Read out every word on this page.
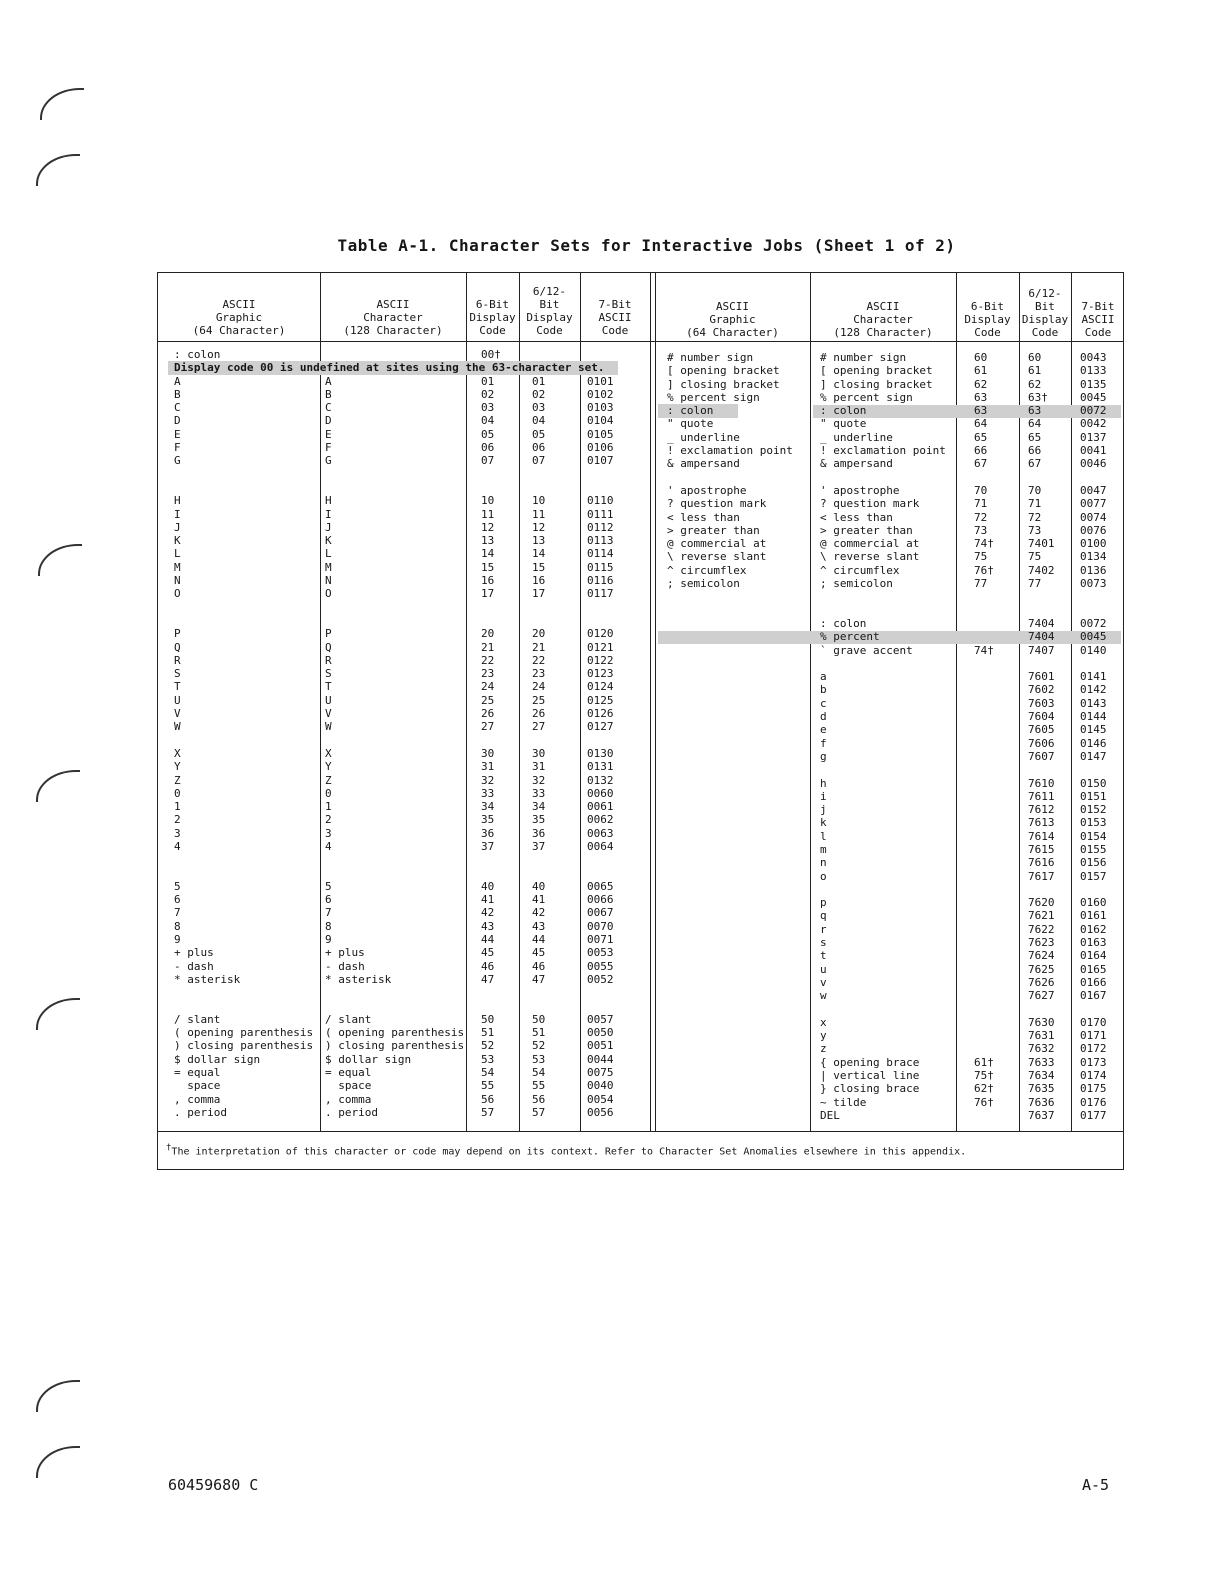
Table A-1. Character Sets for Interactive Jobs (Sheet 1 of 2)
ASCII
Graphic
(64 Character)
ASCII
Character
(128 Character)
6-Bit
Display
Code
6/12-
Bit
Display
Code
7-Bit
ASCII
Code
ASCII
Graphic
(64 Character)
ASCII
Character
(128 Character)
6-Bit
Display
Code
6/12-
Bit
Display
Code
7-Bit
ASCII
Code
: colon
Display code 00 is undefined at sites using the 63-character set.
A
B
C
D
E
F
G

H
I
J
K
L
M
N
O

P
Q
R
S
T
U
V
W

X
Y
Z
0
1
2
3
4

5
6
7
8
9
+ plus
- dash
* asterisk

/ slant
( opening parenthesis
) closing parenthesis
$ dollar sign
= equal
space
, comma
. period

A
B
C
D
E
F
G

H
I
J
K
L
M
N
O

P
Q
R
S
T
U
V
W

X
Y
Z
0
1
2
3
4

5
6
7
8
9
+ plus
- dash
* asterisk

/ slant
( opening parenthesis
) closing parenthesis
$ dollar sign
= equal
space
, comma
. period
00†

01
02
03
04
05
06
07

10
11
12
13
14
15
16
17

20
21
22
23
24
25
26
27

30
31
32
33
34
35
36
37

40
41
42
43
44
45
46
47

50
51
52
53
54
55
56
57

01
02
03
04
05
06
07

10
11
12
13
14
15
16
17

20
21
22
23
24
25
26
27

30
31
32
33
34
35
36
37

40
41
42
43
44
45
46
47

50
51
52
53
54
55
56
57

0101
0102
0103
0104
0105
0106
0107

0110
0111
0112
0113
0114
0115
0116
0117

0120
0121
0122
0123
0124
0125
0126
0127

0130
0131
0132
0060
0061
0062
0063
0064

0065
0066
0067
0070
0071
0053
0055
0052

0057
0050
0051
0044
0075
0040
0054
0056
# number sign
[ opening bracket
] closing bracket
% percent sign
: colon
" quote
_ underline
! exclamation point
& ampersand

' apostrophe
? question mark
< less than
> greater than
@ commercial at
\ reverse slant
^ circumflex
; semicolon
# number sign
[ opening bracket
] closing bracket
% percent sign
: colon
" quote
_ underline
! exclamation point
& ampersand

' apostrophe
? question mark
< less than
> greater than
@ commercial at
\ reverse slant
^ circumflex
; semicolon

: colon
% percent
` grave accent

a
b
c
d
e
f
g

h
i
j
k
l
m
n
o

p
q
r
s
t
u
v
w

x
y
z
{ opening brace
| vertical line
} closing brace
~ tilde
DEL
60
61
62
63
63
64
65
66
67

70
71
72
73
74†
75
76†
77

74†

61†
75†
62†
76†

60
61
62
63†
63
64
65
66
67

70
71
72
73
7401
75
7402
77

7404
7404
7407

7601
7602
7603
7604
7605
7606
7607

7610
7611
7612
7613
7614
7615
7616
7617

7620
7621
7622
7623
7624
7625
7626
7627

7630
7631
7632
7633
7634
7635
7636
7637
0043
0133
0135
0045
0072
0042
0137
0041
0046

0047
0077
0074
0076
0100
0134
0136
0073

0072
0045
0140

0141
0142
0143
0144
0145
0146
0147

0150
0151
0152
0153
0154
0155
0156
0157

0160
0161
0162
0163
0164
0165
0166
0167

0170
0171
0172
0173
0174
0175
0176
0177
†The interpretation of this character or code may depend on its context. Refer to Character Set Anomalies elsewhere in this appendix.
60459680 C	A-5
